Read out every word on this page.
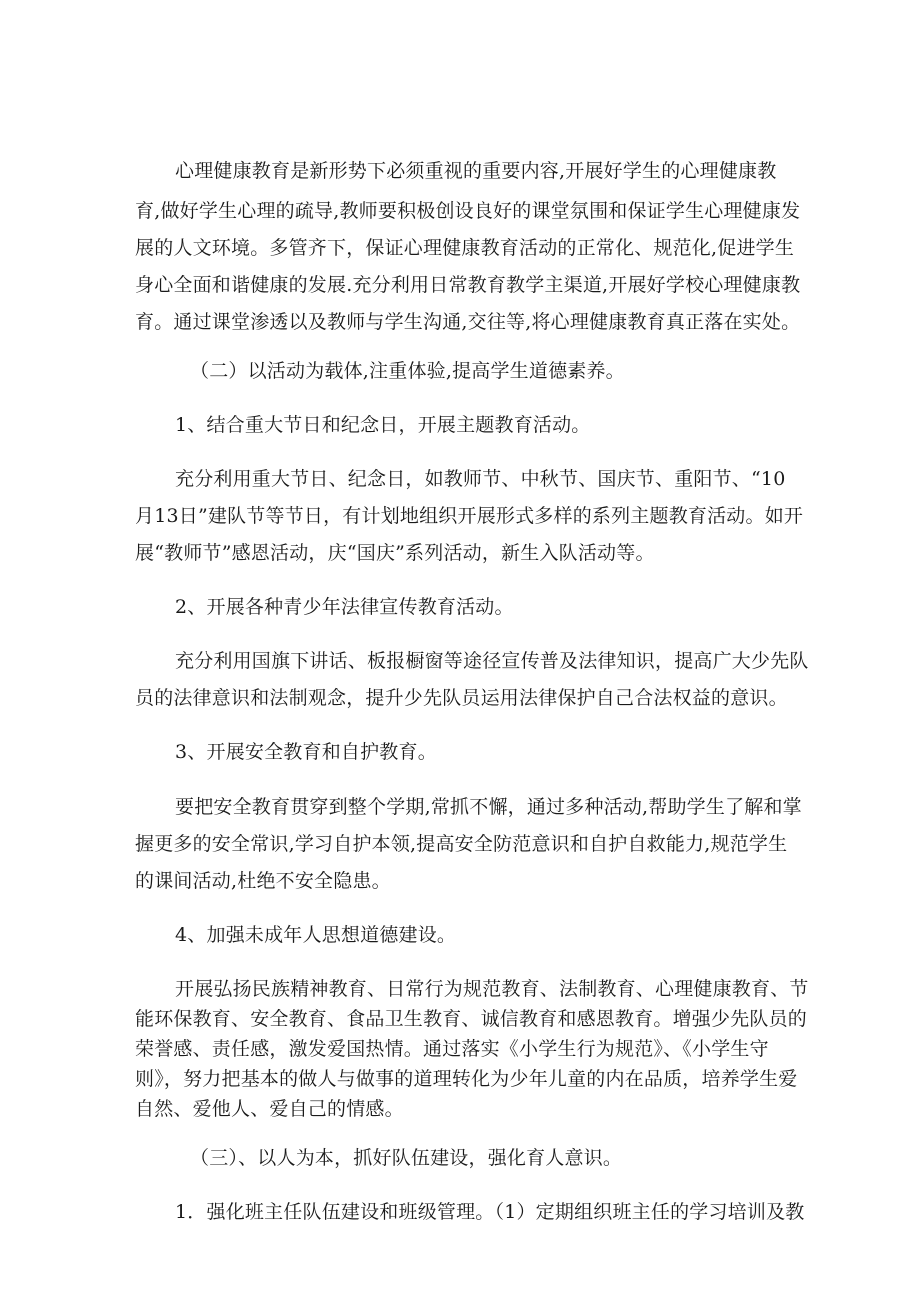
心理健康教育是新形势下必须重视的重要内容,开展好学生的心理健康教
育,做好学生心理的疏导,教师要积极创设良好的课堂氛围和保证学生心理健康发
展的人文环境。多管齐下，保证心理健康教育活动的正常化、规范化,促进学生
身心全面和谐健康的发展.充分利用日常教育教学主渠道,开展好学校心理健康教
育。通过课堂渗透以及教师与学生沟通,交往等,将心理健康教育真正落在实处。
（二）以活动为载体,注重体验,提高学生道德素养。
1、结合重大节日和纪念日，开展主题教育活动。
充分利用重大节日、纪念日，如教师节、中秋节、国庆节、重阳节、“10
月13日”建队节等节日，有计划地组织开展形式多样的系列主题教育活动。如开
展“教师节”感恩活动，庆“国庆”系列活动，新生入队活动等。
2、开展各种青少年法律宣传教育活动。
充分利用国旗下讲话、板报橱窗等途径宣传普及法律知识，提高广大少先队
员的法律意识和法制观念，提升少先队员运用法律保护自己合法权益的意识。
3、开展安全教育和自护教育。
要把安全教育贯穿到整个学期,常抓不懈，通过多种活动,帮助学生了解和掌
握更多的安全常识,学习自护本领,提高安全防范意识和自护自救能力,规范学生
的课间活动,杜绝不安全隐患。
4、加强未成年人思想道德建设。
开展弘扬民族精神教育、日常行为规范教育、法制教育、心理健康教育、节
能环保教育、安全教育、食品卫生教育、诚信教育和感恩教育。增强少先队员的
荣誉感、责任感，激发爱国热情。通过落实《小学生行为规范》、《小学生守
则》，努力把基本的做人与做事的道理转化为少年儿童的内在品质，培养学生爱
自然、爱他人、爱自己的情感。
（三）、以人为本，抓好队伍建设，强化育人意识。
1．强化班主任队伍建设和班级管理。（1）定期组织班主任的学习培训及教
